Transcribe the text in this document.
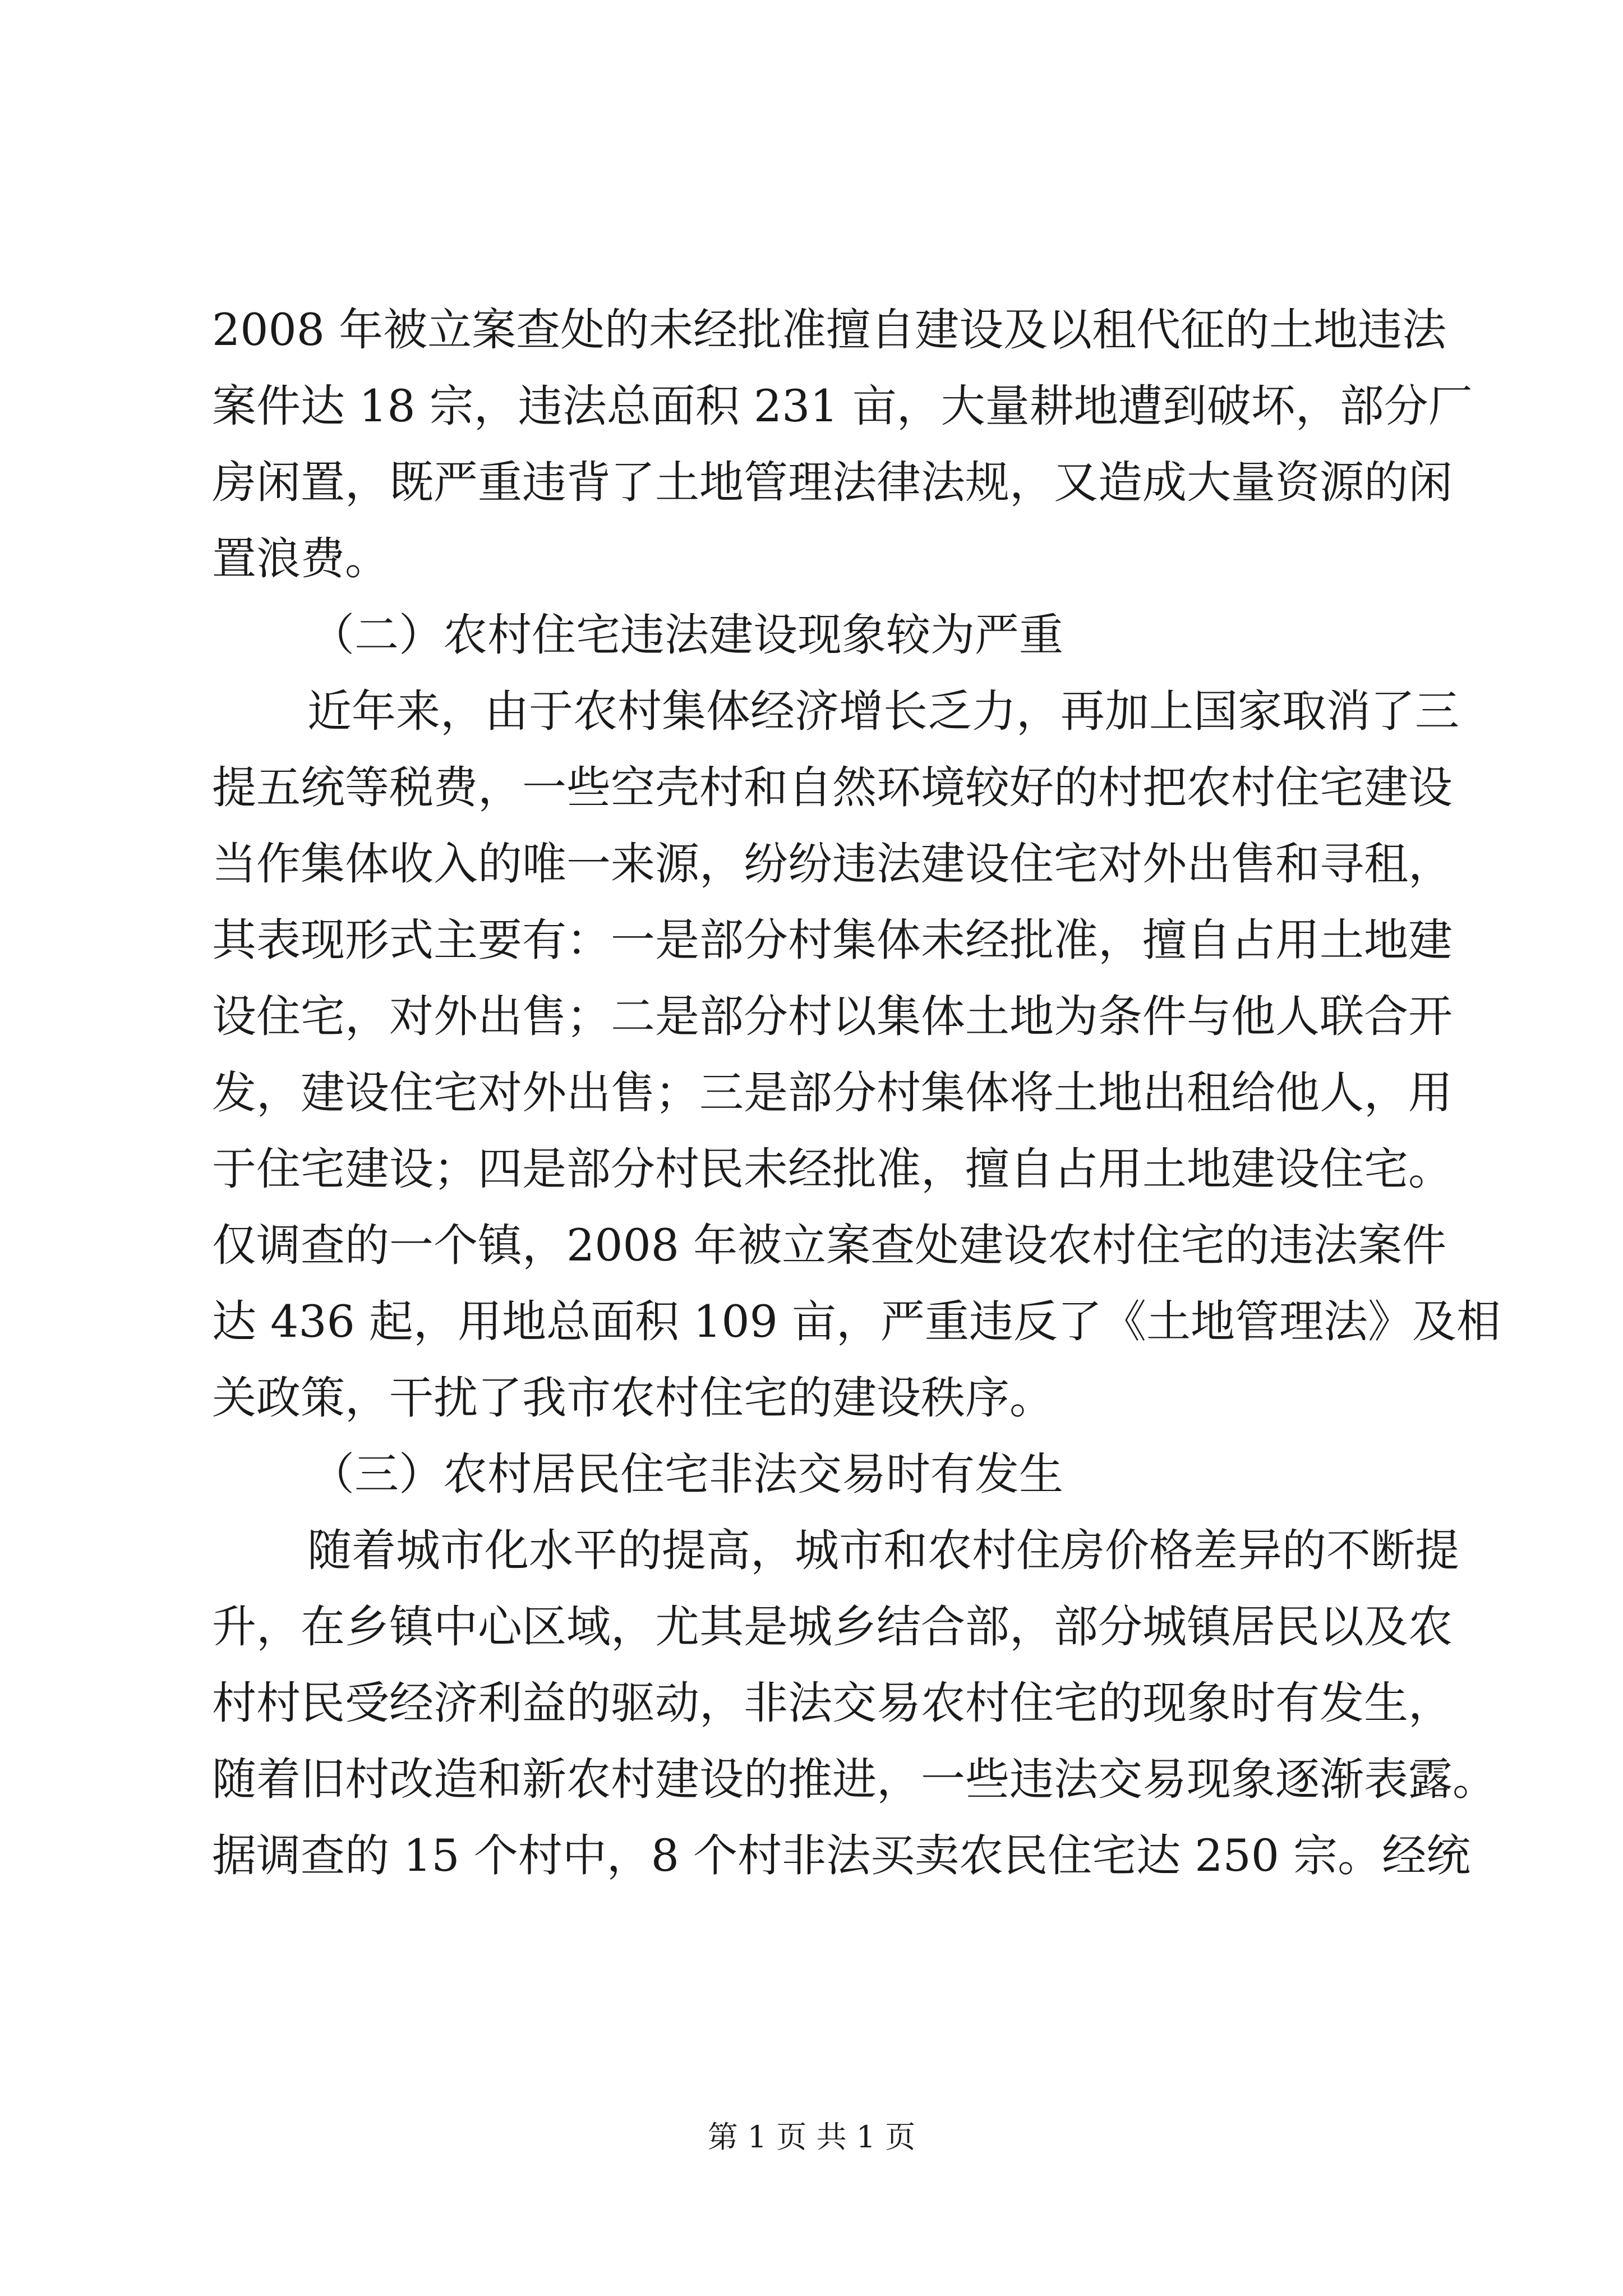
2008 年被立案查处的未经批准擅自建设及以租代征的土地违法
案件达 18 宗，违法总面积 231 亩，大量耕地遭到破坏，部分厂
房闲置，既严重违背了土地管理法律法规，又造成大量资源的闲
置浪费。
（二）农村住宅违法建设现象较为严重
近年来，由于农村集体经济增长乏力，再加上国家取消了三
提五统等税费，一些空壳村和自然环境较好的村把农村住宅建设
当作集体收入的唯一来源，纷纷违法建设住宅对外出售和寻租，
其表现形式主要有：一是部分村集体未经批准，擅自占用土地建
设住宅，对外出售；二是部分村以集体土地为条件与他人联合开
发，建设住宅对外出售；三是部分村集体将土地出租给他人，用
于住宅建设；四是部分村民未经批准，擅自占用土地建设住宅。
仅调查的一个镇，2008 年被立案查处建设农村住宅的违法案件
达 436 起，用地总面积 109 亩，严重违反了《土地管理法》及相
关政策，干扰了我市农村住宅的建设秩序。
（三）农村居民住宅非法交易时有发生
随着城市化水平的提高，城市和农村住房价格差异的不断提
升，在乡镇中心区域，尤其是城乡结合部，部分城镇居民以及农
村村民受经济利益的驱动，非法交易农村住宅的现象时有发生，
随着旧村改造和新农村建设的推进，一些违法交易现象逐渐表露。
据调查的 15 个村中，8 个村非法买卖农民住宅达 250 宗。经统
第 1 页 共 1 页
